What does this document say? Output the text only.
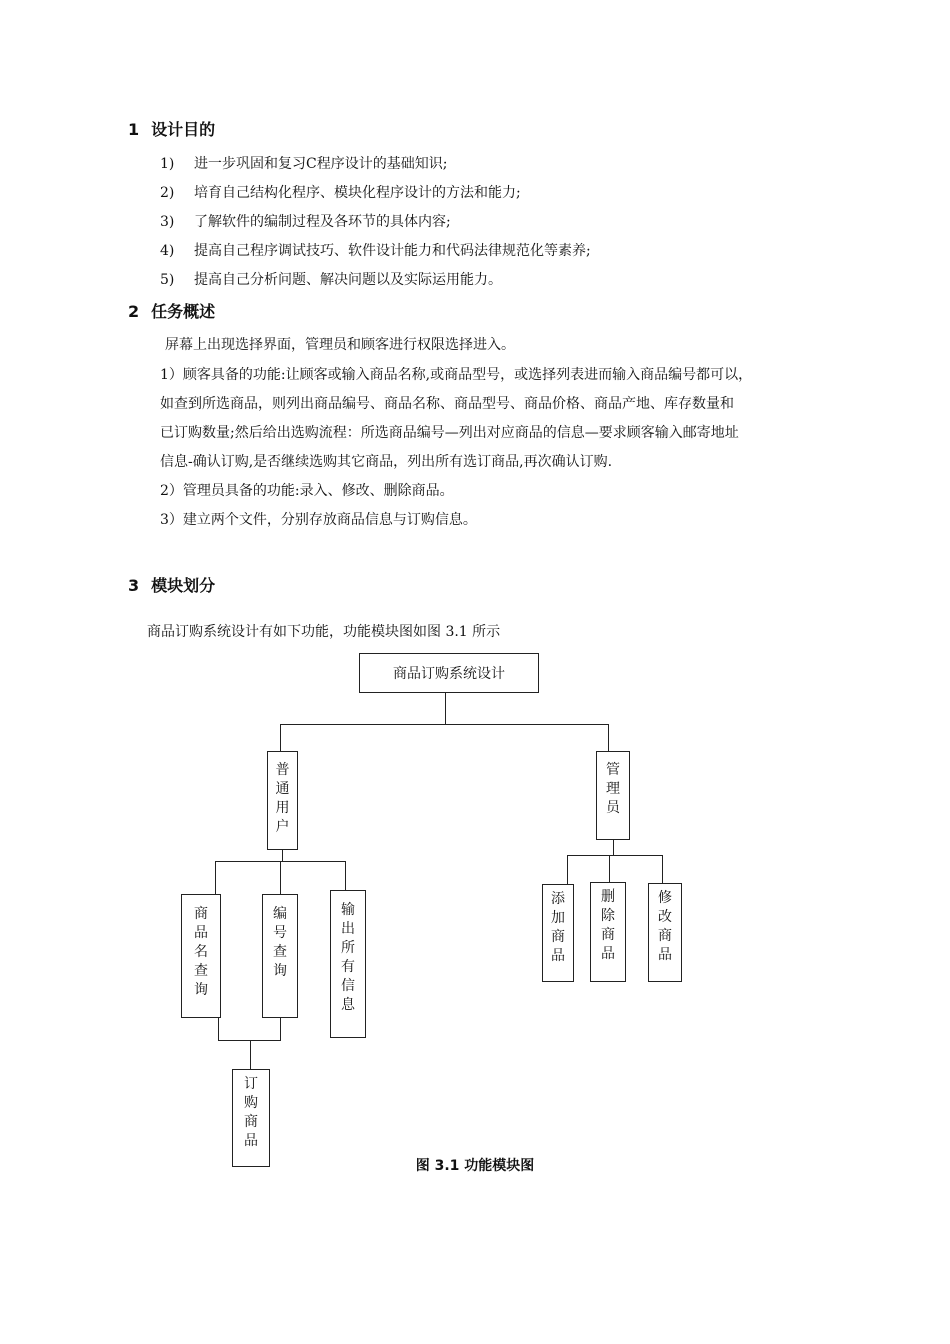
1 设计目的
1) 进一步巩固和复习C程序设计的基础知识;
2) 培育自己结构化程序、模块化程序设计的方法和能力;
3) 了解软件的编制过程及各环节的具体内容;
4) 提高自己程序调试技巧、软件设计能力和代码法律规范化等素养;
5) 提高自己分析问题、解决问题以及实际运用能力。
2 任务概述
屏幕上出现选择界面，管理员和顾客进行权限选择进入。
1）顾客具备的功能:让顾客或输入商品名称,或商品型号，或选择列表进而输入商品编号都可以，
如查到所选商品，则列出商品编号、商品名称、商品型号、商品价格、商品产地、库存数量和
已订购数量;然后给出选购流程：所选商品编号—列出对应商品的信息—要求顾客输入邮寄地址
信息-确认订购,是否继续选购其它商品，列出所有选订商品,再次确认订购.
2）管理员具备的功能:录入、修改、删除商品。
3）建立两个文件，分别存放商品信息与订购信息。
3 模块划分
商品订购系统设计有如下功能，功能模块图如图 3.1 所示
商品订购系统设计
普
通
用
户
管
理
员
商
品
名
查
询
编
号
查
询
输
出
所
有
信
息
订
购
商
品
添
加
商
品
删
除
商
品
修
改
商
品
图 3.1 功能模块图
